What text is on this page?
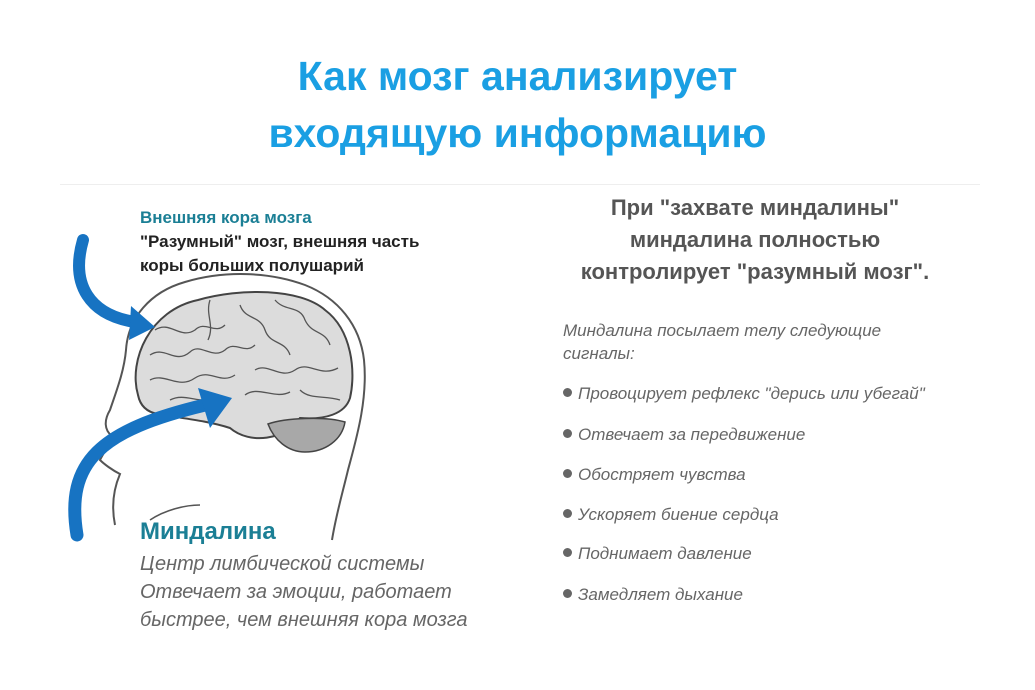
Как мозг анализирует
входящую информацию
Внешняя кора мозга
"Разумный" мозг, внешняя часть
коры больших полушарий
Миндалина
Центр лимбической системы
Отвечает за эмоции, работает
быстрее, чем внешняя кора мозга
При "захвате миндалины"
миндалина полностью
контролирует "разумный мозг".
Миндалина посылает телу следующие
сигналы:
Провоцирует рефлекс "дерись или убегай"
Отвечает за передвижение
Обостряет чувства
Ускоряет биение сердца
Поднимает давление
Замедляет дыхание
